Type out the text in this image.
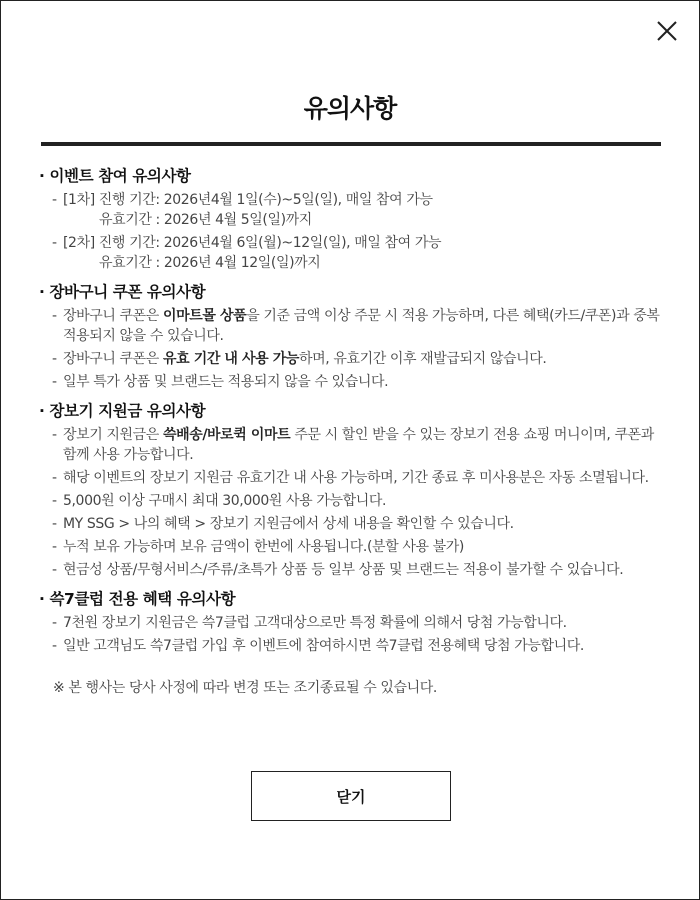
유의사항
· 이벤트 참여 유의사항
- [1차] 진행 기간: 2026년4월 1일(수)~5일(일), 매일 참여 가능
유효기간 : 2026년 4월 5일(일)까지
- [2차] 진행 기간: 2026년4월 6일(월)~12일(일), 매일 참여 가능
유효기간 : 2026년 4월 12일(일)까지
· 장바구니 쿠폰 유의사항
- 장바구니 쿠폰은 이마트몰 상품을 기준 금액 이상 주문 시 적용 가능하며, 다른 혜택(카드/쿠폰)과 중복 적용되지 않을 수 있습니다.
- 장바구니 쿠폰은 유효 기간 내 사용 가능하며, 유효기간 이후 재발급되지 않습니다.
- 일부 특가 상품 및 브랜드는 적용되지 않을 수 있습니다.
· 장보기 지원금 유의사항
- 장보기 지원금은 쓱배송/바로퀵 이마트 주문 시 할인 받을 수 있는 장보기 전용 쇼핑 머니이며, 쿠폰과 함께 사용 가능합니다.
- 해당 이벤트의 장보기 지원금 유효기간 내 사용 가능하며, 기간 종료 후 미사용분은 자동 소멸됩니다.
- 5,000원 이상 구매시 최대 30,000원 사용 가능합니다.
- MY SSG > 나의 혜택 > 장보기 지원금에서 상세 내용을 확인할 수 있습니다.
- 누적 보유 가능하며 보유 금액이 한번에 사용됩니다.(분할 사용 불가)
- 현금성 상품/무형서비스/주류/초특가 상품 등 일부 상품 및 브랜드는 적용이 불가할 수 있습니다.
· 쓱7클럽 전용 혜택 유의사항
- 7천원 장보기 지원금은 쓱7클럽 고객대상으로만 특정 확률에 의해서 당첨 가능합니다.
- 일반 고객님도 쓱7클럽 가입 후 이벤트에 참여하시면 쓱7클럽 전용혜택 당첨 가능합니다.
※ 본 행사는 당사 사정에 따라 변경 또는 조기종료될 수 있습니다.
닫기
